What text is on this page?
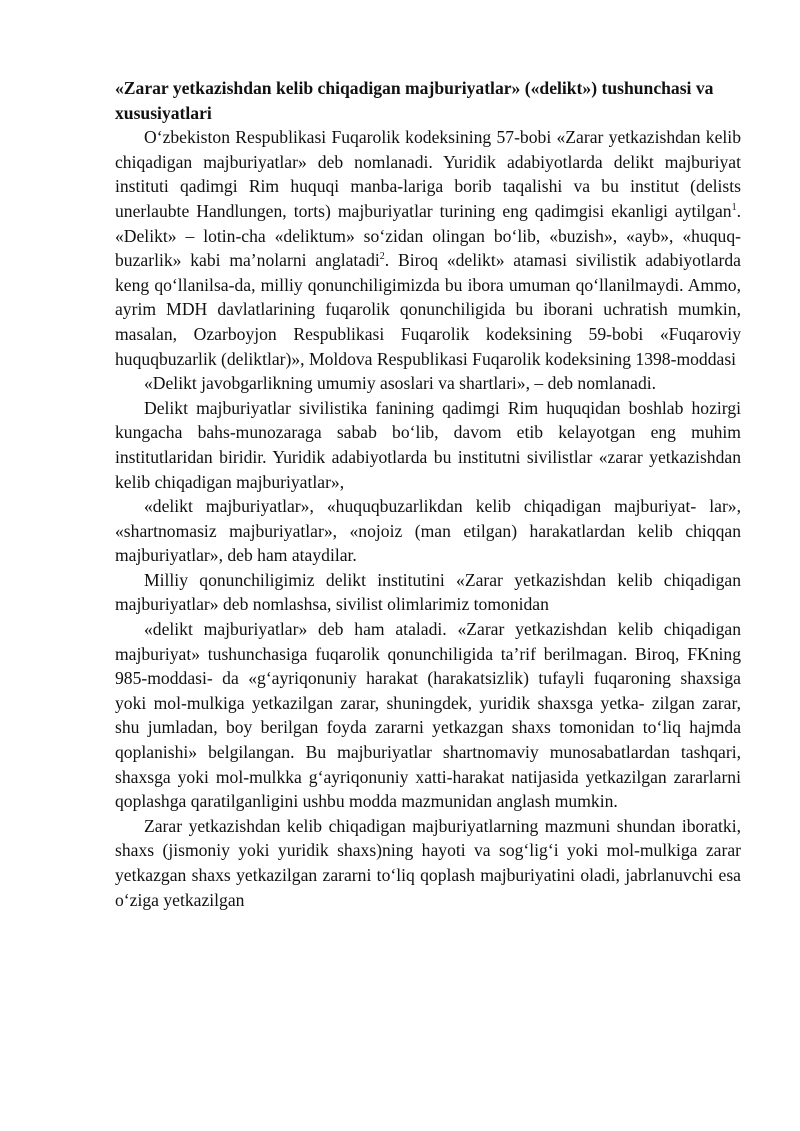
«Zarar yetkazishdan kelib chiqadigan majburiyatlar» («delikt») tushunchasi va xususiyatlari

O‘zbekiston Respublikasi Fuqarolik kodeksining 57-bobi «Zarar yetkazishdan kelib chiqadigan majburiyatlar» deb nomlanadi. Yuridik adabiyotlarda delikt majburiyat instituti qadimgi Rim huquqi manba-lariga borib taqalishi va bu institut (delists unerlaubte Handlungen, torts) majburiyatlar turining eng qadimgisi ekanligi aytilgan$^1$. «Delikt» – lotin-cha «deliktum» so‘zidan olingan bo‘lib, «buzish», «ayb», «huquq-buzarlik» kabi ma’nolarni anglatadi$^2$. Biroq «delikt» atamasi sivilistik adabiyotlarda keng qo‘llanilsa-da, milliy qonunchiligimizda bu ibora umuman qo‘llanilmaydi. Ammo, ayrim MDH davlatlarining fuqarolik qonunchiligida bu iborani uchratish mumkin, masalan, Ozarboyjon Respublikasi Fuqarolik kodeksining 59-bobi «Fuqaroviy huquqbuzarlik (deliktlar)», Moldova Respublikasi Fuqarolik kodeksining 1398-moddasi

«Delikt javobgarlikning umumiy asoslari va shartlari», – deb nomlanadi.

Delikt majburiyatlar sivilistika fanining qadimgi Rim huquqidan boshlab hozirgi kungacha bahs-munozaraga sabab bo‘lib, davom etib kelayotgan eng muhim institutlaridan biridir. Yuridik adabiyotlarda bu institutni sivilistlar «zarar yetkazishdan kelib chiqadigan majburiyatlar»,

«delikt majburiyatlar», «huquqbuzarlikdan kelib chiqadigan majburiyat- lar», «shartnomasiz majburiyatlar», «nojoiz (man etilgan) harakatlardan kelib chiqqan majburiyatlar», deb ham ataydilar.

Milliy qonunchiligimiz delikt institutini «Zarar yetkazishdan kelib chiqadigan majburiyatlar» deb nomlashsa, sivilist olimlarimiz tomonidan

«delikt majburiyatlar» deb ham ataladi. «Zarar yetkazishdan kelib chiqadigan majburiyat» tushunchasiga fuqarolik qonunchiligida ta’rif berilmagan. Biroq, FKning 985-moddasi- da «g‘ayriqonuniy harakat (harakatsizlik) tufayli fuqaroning shaxsiga yoki mol-mulkiga yetkazilgan zarar, shuningdek, yuridik shaxsga yetka- zilgan zarar, shu jumladan, boy berilgan foyda zararni yetkazgan shaxs tomonidan to‘liq hajmda qoplanishi» belgilangan. Bu majburiyatlar shartnomaviy munosabatlardan tashqari, shaxsga yoki mol-mulkka g‘ayriqonuniy xatti-harakat natijasida yetkazilgan zararlarni qoplashga qaratilganligini ushbu modda mazmunidan anglash mumkin.

Zarar yetkazishdan kelib chiqadigan majburiyatlarning mazmuni shundan iboratki, shaxs (jismoniy yoki yuridik shaxs)ning hayoti va sog‘lig‘i yoki mol-mulkiga zarar yetkazgan shaxs yetkazilgan zararni to‘liq qoplash majburiyatini oladi, jabrlanuvchi esa o‘ziga yetkazilgan
